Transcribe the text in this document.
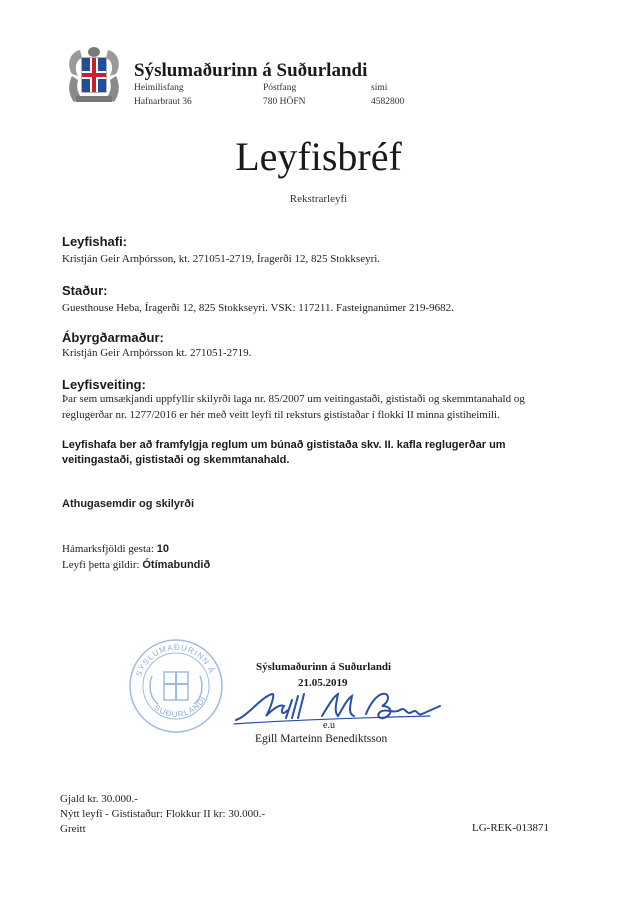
Sýslumaðurinn á Suðurlandi
Heimilisfang
Hafnarbraut 36
Póstfang
780 HÖFN
sími
4582800
Leyfisbréf
Rekstrarleyfi
Leyfishafi:
Kristján Geir Arnþórsson, kt. 271051-2719, Íragerði 12, 825 Stokkseyri.
Staður:
Guesthouse Heba, Íragerði 12, 825 Stokkseyri. VSK: 117211. Fasteignanúmer 219-9682.
Ábyrgðarmaður:
Kristján Geir Arnþórsson kt. 271051-2719.
Leyfisveiting:
Þar sem umsækjandi uppfyllir skilyrði laga nr. 85/2007 um veitingastaði, gististaði og skemmtanahald og
reglugerðar nr. 1277/2016 er hér með veitt leyfi til reksturs gististaðar í flokki II minna gistiheimili.
Leyfishafa ber að framfylgja reglum um búnað gististaða skv. II. kafla reglugerðar um
veitingastaði, gististaði og skemmtanahald.
Athugasemdir og skilyrði
Hámarksfjöldi gesta: 10
Leyfi þetta gildir: Ótímabundið
SÝSLUMAÐURINN Á
SUÐURLANDI
Sýslumaðurinn á Suðurlandi
21.05.2019
e.u
Egill Marteinn Benediktsson
Gjald kr. 30.000.-
Nýtt leyfi - Gististaður: Flokkur II kr: 30.000.-
Greitt	LG-REK-013871
